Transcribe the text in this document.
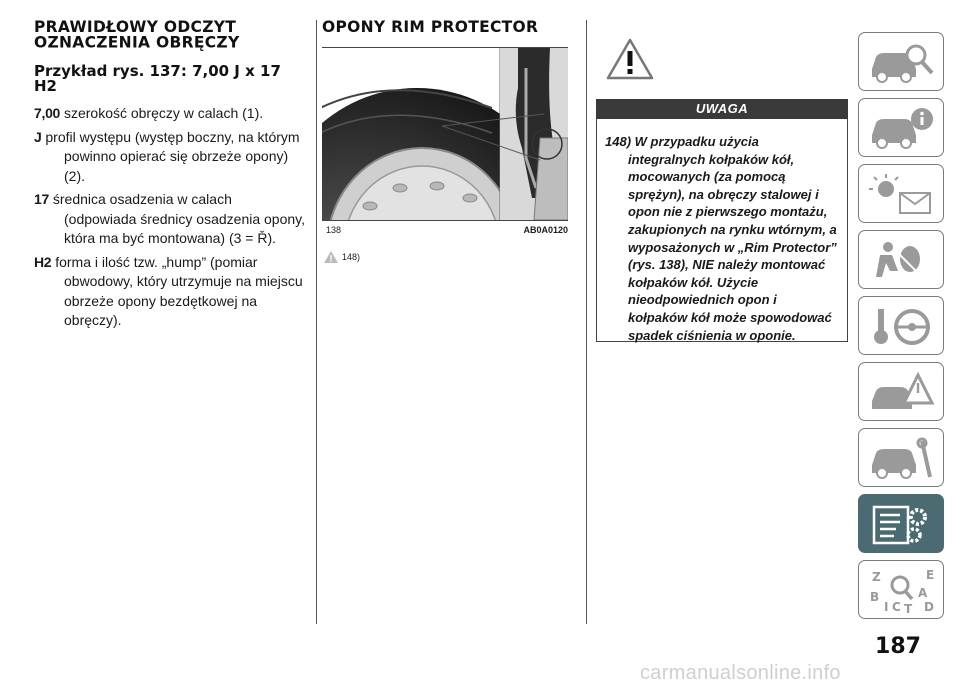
PRAWIDŁOWY ODCZYT OZNACZENIA OBRĘCZY
Przykład rys. 137: 7,00 J x 17 H2

7,00 szerokość obręczy w calach (1).

J profil występu (występ boczny, na którym powinno opierać się obrzeże opony) (2).

17 średnica osadzenia w calach (odpowiada średnicy osadzenia opony, która ma być montowana) (3 = Ř).

H2 forma i ilość tzw. „hump” (pomiar obwodowy, który utrzymuje na miejscu obrzeże opony bezdętkowej na obręczy).

OPONY RIM PROTECTOR
138	AB0A0120
148)
UWAGA

148) W przypadku użycia integralnych kołpaków kół, mocowanych (za pomocą sprężyn), na obręczy stalowej i opon nie z pierwszego montażu, zakupionych na rynku wtórnym, a wyposażonych w „Rim Protector” (rys. 138), NIE należy montować kołpaków kół. Użycie nieodpowiednich opon i kołpaków kół może spowodować spadek ciśnienia w oponie.

Z	E
B	A
I C T D
187
carmanualsonline.info
